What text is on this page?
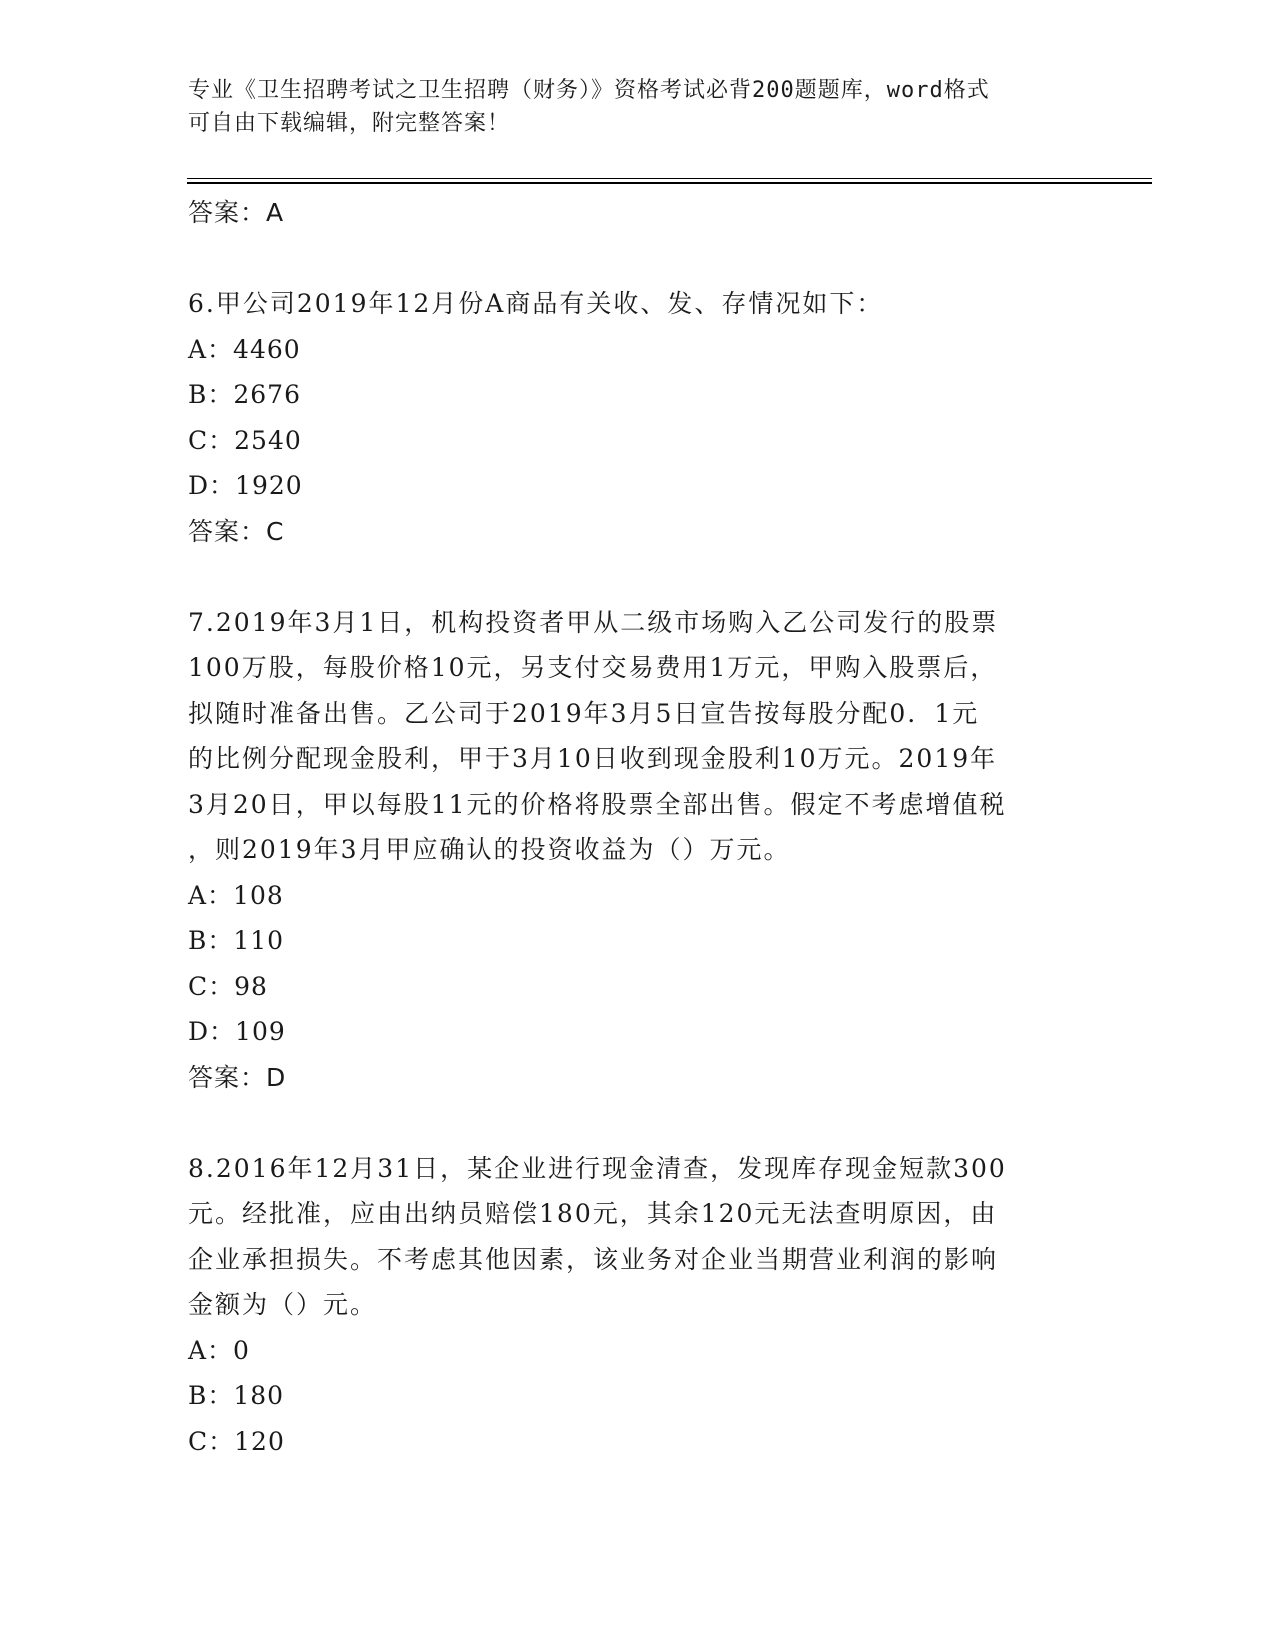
专业《卫生招聘考试之卫生招聘（财务）》资格考试必背200题题库，word格式
可自由下载编辑，附完整答案！
答案：A
6.甲公司2019年12月份A商品有关收、发、存情况如下：
A：4460
B：2676
C：2540
D：1920
答案：C
7.2019年3月1日，机构投资者甲从二级市场购入乙公司发行的股票
100万股，每股价格10元，另支付交易费用1万元，甲购入股票后，
拟随时准备出售。乙公司于2019年3月5日宣告按每股分配0．1元
的比例分配现金股利，甲于3月10日收到现金股利10万元。2019年
3月20日，甲以每股11元的价格将股票全部出售。假定不考虑增值税
，则2019年3月甲应确认的投资收益为（）万元。
A：108
B：110
C：98
D：109
答案：D
8.2016年12月31日，某企业进行现金清查，发现库存现金短款300
元。经批准，应由出纳员赔偿180元，其余120元无法查明原因，由
企业承担损失。不考虑其他因素，该业务对企业当期营业利润的影响
金额为（）元。
A：0
B：180
C：120
